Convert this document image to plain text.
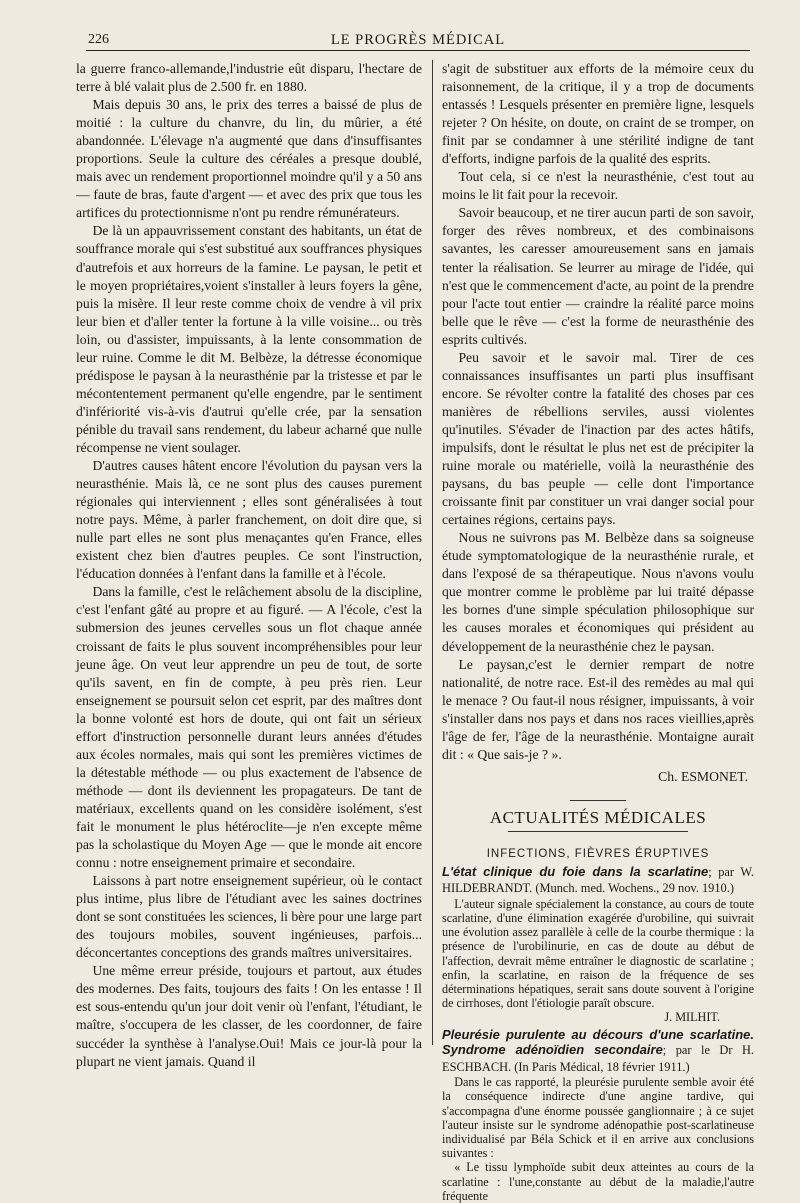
226	LE PROGRÈS MÉDICAL

la guerre franco-allemande,l'industrie eût disparu, l'hectare de terre à blé valait plus de 2.500 fr. en 1880.

Mais depuis 30 ans, le prix des terres a baissé de plus de moitié : la culture du chanvre, du lin, du mûrier, a été abandonnée. L'élevage n'a augmenté que dans d'insuffisantes proportions. Seule la culture des céréales a presque doublé, mais avec un rendement proportionnel moindre qu'il y a 50 ans — faute de bras, faute d'argent — et avec des prix que tous les artifices du protectionnisme n'ont pu rendre rémunérateurs.

De là un appauvrissement constant des habitants, un état de souffrance morale qui s'est substitué aux souffrances physiques d'autrefois et aux horreurs de la famine. Le paysan, le petit et le moyen propriétaires,voient s'installer à leurs foyers la gêne, puis la misère. Il leur reste comme choix de vendre à vil prix leur bien et d'aller tenter la fortune à la ville voisine... ou très loin, ou d'assister, impuissants, à la lente consommation de leur ruine. Comme le dit M. Belbèze, la détresse économique prédispose le paysan à la neurasthénie par la tristesse et par le mécontentement permanent qu'elle engendre, par le sentiment d'infériorité vis-à-vis d'autrui qu'elle crée, par la sensation pénible du travail sans rendement, du labeur acharné que nulle récompense ne vient soulager.

D'autres causes hâtent encore l'évolution du paysan vers la neurasthénie. Mais là, ce ne sont plus des causes purement régionales qui interviennent ; elles sont généralisées à tout notre pays. Même, à parler franchement, on doit dire que, si nulle part elles ne sont plus menaçantes qu'en France, elles existent chez bien d'autres peuples. Ce sont l'instruction, l'éducation données à l'enfant dans la famille et à l'école.

Dans la famille, c'est le relâchement absolu de la discipline, c'est l'enfant gâté au propre et au figuré. — A l'école, c'est la submersion des jeunes cervelles sous un flot chaque année croissant de faits le plus souvent incompréhensibles pour leur jeune âge. On veut leur apprendre un peu de tout, de sorte qu'ils savent, en fin de compte, à peu près rien. Leur enseignement se poursuit selon cet esprit, par des maîtres dont la bonne volonté est hors de doute, qui ont fait un sérieux effort d'instruction personnelle durant leurs années d'études aux écoles normales, mais qui sont les premières victimes de la détestable méthode — ou plus exactement de l'absence de méthode — dont ils deviennent les propagateurs. De tant de matériaux, excellents quand on les considère isolément, s'est fait le monument le plus hétéroclite—je n'en excepte même pas la scholastique du Moyen Age — que le monde ait encore connu : notre enseignement primaire et secondaire.

Laissons à part notre enseignement supérieur, où le contact plus intime, plus libre de l'étudiant avec les saines doctrines dont se sont constituées les sciences, li bère pour une large part des toujours mobiles, souvent ingénieuses, parfois... déconcertantes conceptions des grands maîtres universitaires.

Une même erreur préside, toujours et partout, aux études des modernes. Des faits, toujours des faits ! On les entasse ! Il est sous-entendu qu'un jour doit venir où l'enfant, l'étudiant, le maître, s'occupera de les classer, de les coordonner, de faire succéder la synthèse à l'analyse.Oui! Mais ce jour-là pour la plupart ne vient jamais. Quand il

s'agit de substituer aux efforts de la mémoire ceux du raisonnement, de la critique, il y a trop de documents entassés ! Lesquels présenter en première ligne, lesquels rejeter ? On hésite, on doute, on craint de se tromper, on finit par se condamner à une stérilité indigne de tant d'efforts, indigne parfois de la qualité des esprits.

Tout cela, si ce n'est la neurasthénie, c'est tout au moins le lit fait pour la recevoir.

Savoir beaucoup, et ne tirer aucun parti de son savoir, forger des rêves nombreux, et des combinaisons savantes, les caresser amoureusement sans en jamais tenter la réalisation. Se leurrer au mirage de l'idée, qui n'est que le commencement d'acte, au point de la prendre pour l'acte tout entier — craindre la réalité parce moins belle que le rêve — c'est la forme de neurasthénie des esprits cultivés.

Peu savoir et le savoir mal. Tirer de ces connaissances insuffisantes un parti plus insuffisant encore. Se révolter contre la fatalité des choses par ces manières de rébellions serviles, aussi violentes qu'inutiles. S'évader de l'inaction par des actes hâtifs, impulsifs, dont le résultat le plus net est de précipiter la ruine morale ou matérielle, voilà la neurasthénie des paysans, du bas peuple — celle dont l'importance croissante finit par constituer un vrai danger social pour certaines régions, certains pays.

Nous ne suivrons pas M. Belbèze dans sa soigneuse étude symptomatologique de la neurasthénie rurale, et dans l'exposé de sa thérapeutique. Nous n'avons voulu que montrer comme le problème par lui traité dépasse les bornes d'une simple spéculation philosophique sur les causes morales et économiques qui président au développement de la neurasthénie chez le paysan.

Le paysan,c'est le dernier rempart de notre nationalité, de notre race. Est-il des remèdes au mal qui le menace ? Ou faut-il nous résigner, impuissants, à voir s'installer dans nos pays et dans nos races vieillies,après l'âge de fer, l'âge de la neurasthénie. Montaigne aurait dit : « Que sais-je ? ».

Ch. ESMONET.
ACTUALITÉS MÉDICALES
INFECTIONS, FIÈVRES ÉRUPTIVES
L'état clinique du foie dans la scarlatine; par W. HILDEBRANDT. (Munch. med. Wochens., 29 nov. 1910.)

L'auteur signale spécialement la constance, au cours de toute scarlatine, d'une élimination exagérée d'urobiline, qui suivrait une évolution assez parallèle à celle de la courbe thermique : la présence de l'urobilinurie, en cas de doute au début de l'affection, devrait même entraîner le diagnostic de scarlatine ; enfin, la scarlatine, en raison de la fréquence de ses déterminations hépatiques, serait sans doute souvent à l'origine de cirrhoses, dont l'étiologie paraît obscure.

J. MILHIT.
Pleurésie purulente au décours d'une scarlatine. Syndrome adénoïdien secondaire; par le Dr H. ESCHBACH. (In Paris Médical, 18 février 1911.)

Dans le cas rapporté, la pleurésie purulente semble avoir été la conséquence indirecte d'une angine tardive, qui s'accompagna d'une énorme poussée ganglionnaire ; à ce sujet l'auteur insiste sur le syndrome adénopathie post-scarlatineuse individualisé par Béla Schick et il en arrive aux conclusions suivantes :

« Le tissu lymphoïde subit deux atteintes au cours de la scarlatine : l'une,constante au début de la maladie,l'autre fréquente
